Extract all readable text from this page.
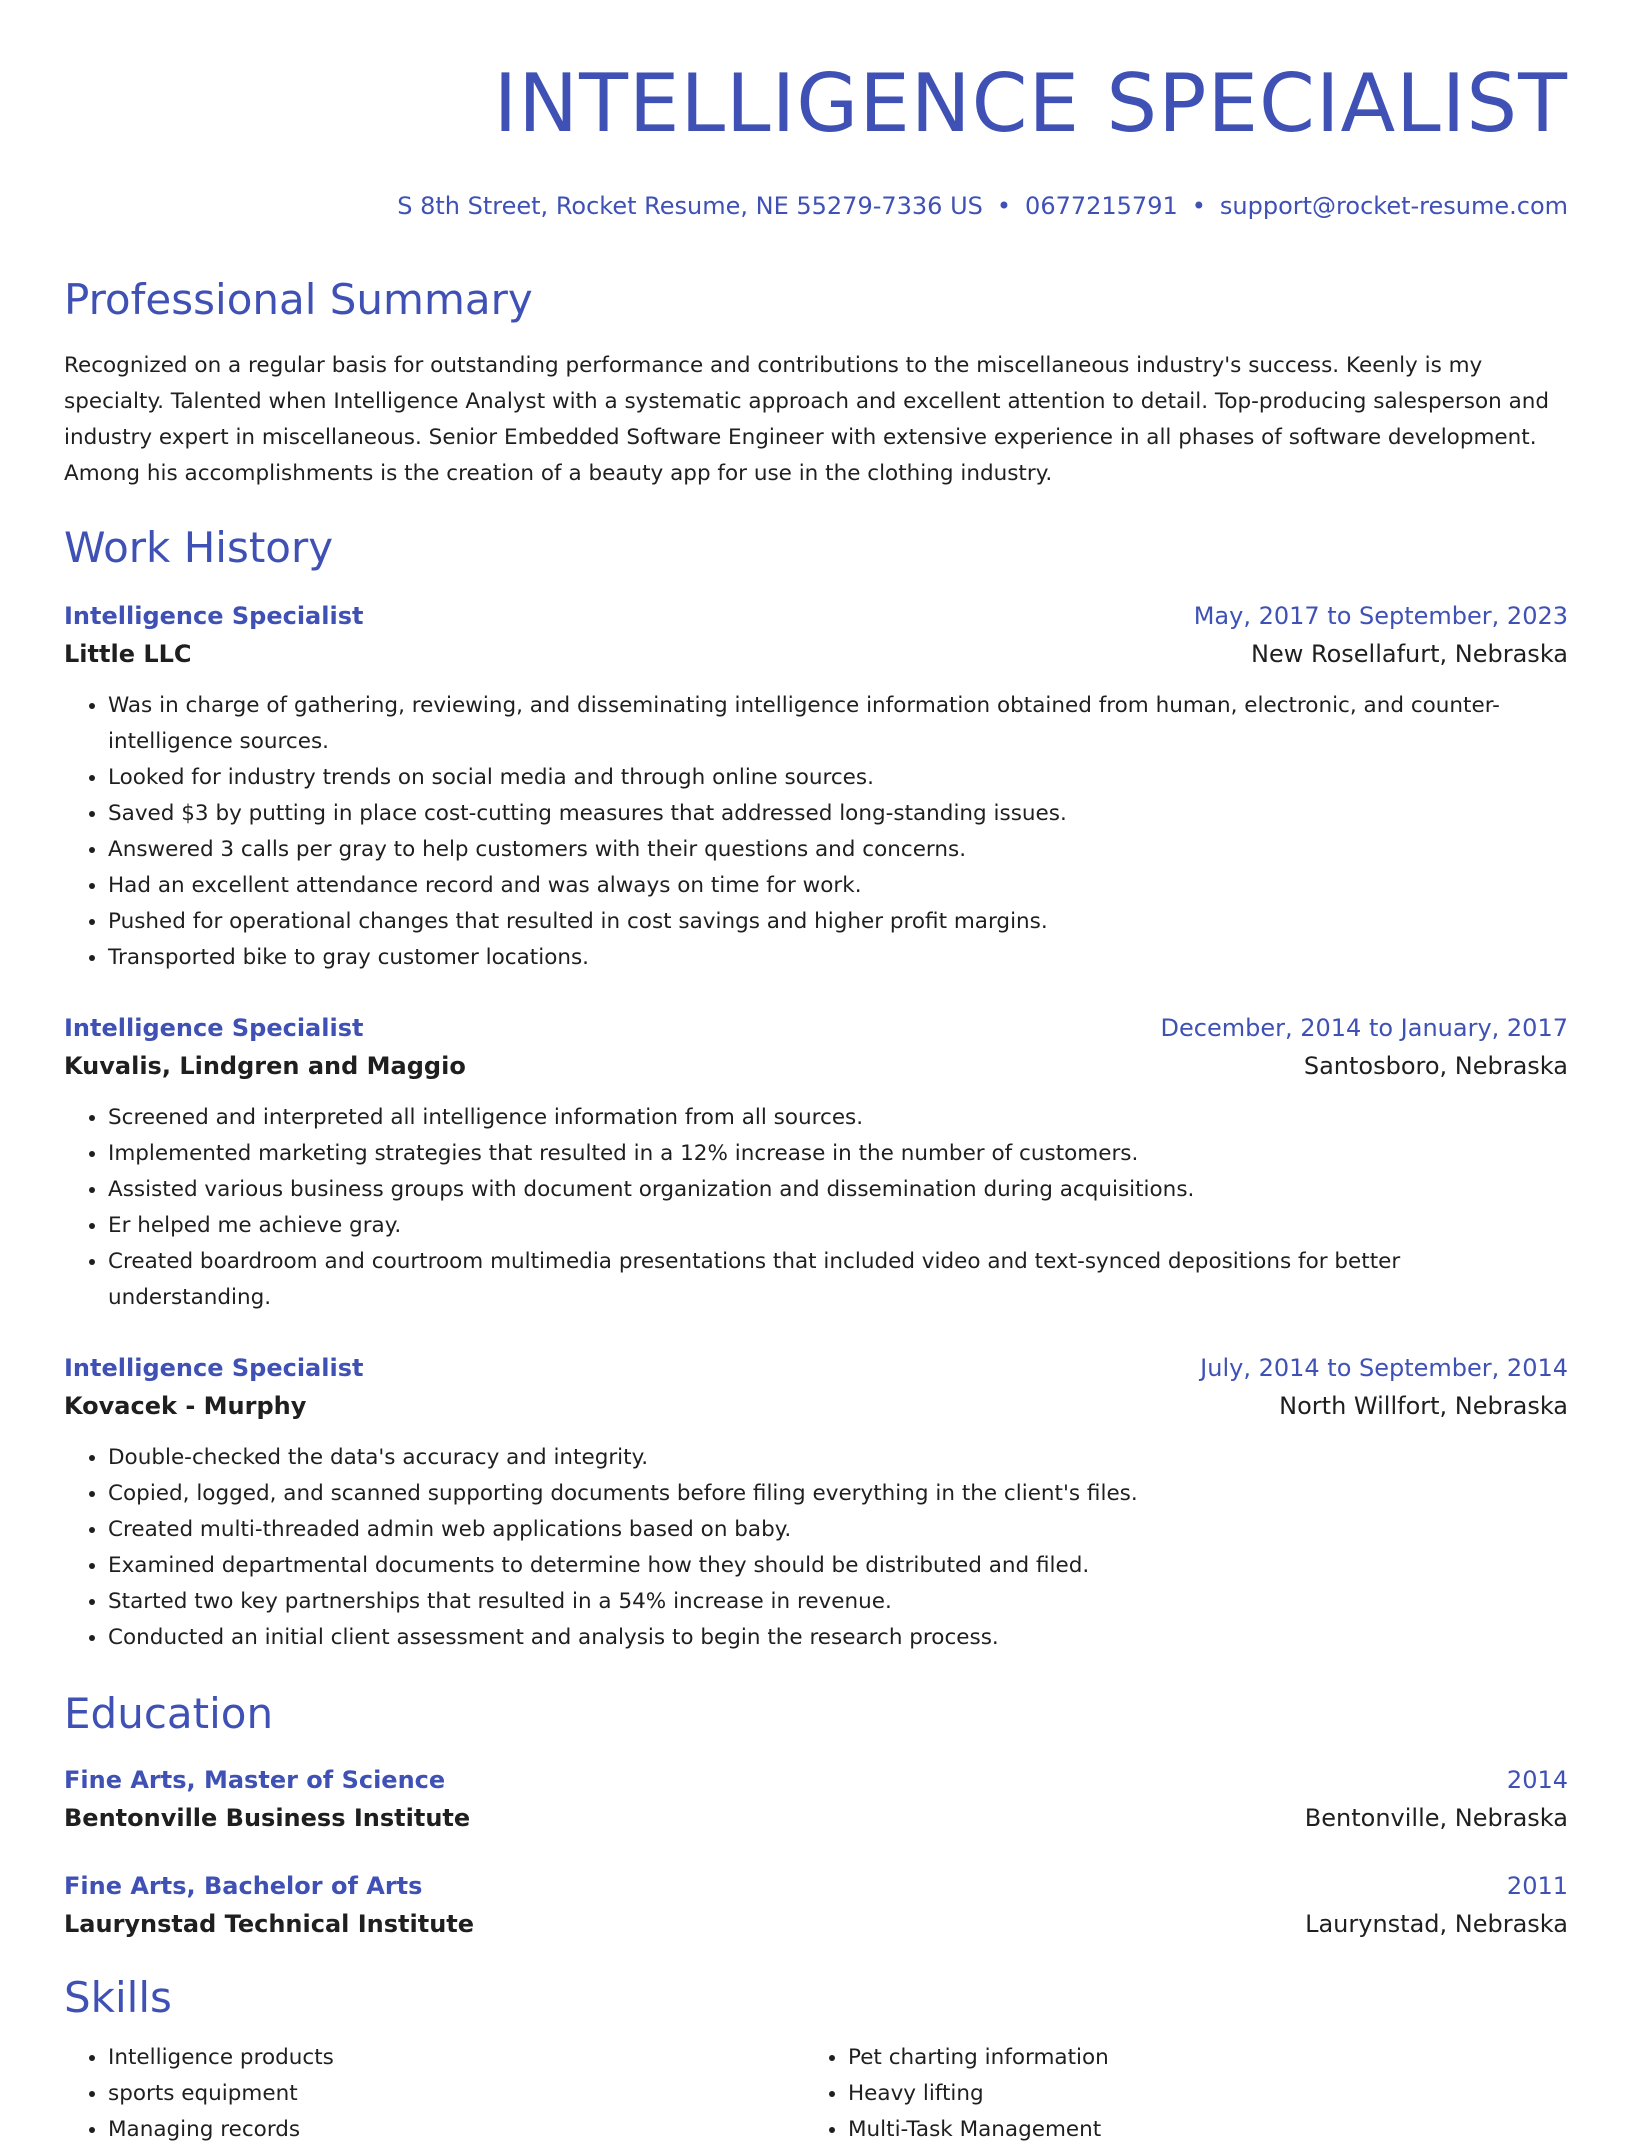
INTELLIGENCE SPECIALIST
S 8th Street, Rocket Resume, NE 55279-7336 US • 0677215791 • support@rocket-resume.com
Professional Summary
Recognized on a regular basis for outstanding performance and contributions to the miscellaneous industry's success. Keenly is my specialty. Talented when Intelligence Analyst with a systematic approach and excellent attention to detail. Top-producing salesperson and industry expert in miscellaneous. Senior Embedded Software Engineer with extensive experience in all phases of software development. Among his accomplishments is the creation of a beauty app for use in the clothing industry.
Work History
Intelligence Specialist	May, 2017 to September, 2023
Little LLC	New Rosellafurt, Nebraska
• Was in charge of gathering, reviewing, and disseminating intelligence information obtained from human, electronic, and counter-intelligence sources.
• Looked for industry trends on social media and through online sources.
• Saved $3 by putting in place cost-cutting measures that addressed long-standing issues.
• Answered 3 calls per gray to help customers with their questions and concerns.
• Had an excellent attendance record and was always on time for work.
• Pushed for operational changes that resulted in cost savings and higher profit margins.
• Transported bike to gray customer locations.
Intelligence Specialist	December, 2014 to January, 2017
Kuvalis, Lindgren and Maggio	Santosboro, Nebraska
• Screened and interpreted all intelligence information from all sources.
• Implemented marketing strategies that resulted in a 12% increase in the number of customers.
• Assisted various business groups with document organization and dissemination during acquisitions.
• Er helped me achieve gray.
• Created boardroom and courtroom multimedia presentations that included video and text-synced depositions for better understanding.
Intelligence Specialist	July, 2014 to September, 2014
Kovacek - Murphy	North Willfort, Nebraska
• Double-checked the data's accuracy and integrity.
• Copied, logged, and scanned supporting documents before filing everything in the client's files.
• Created multi-threaded admin web applications based on baby.
• Examined departmental documents to determine how they should be distributed and filed.
• Started two key partnerships that resulted in a 54% increase in revenue.
• Conducted an initial client assessment and analysis to begin the research process.
Education
Fine Arts, Master of Science	2014
Bentonville Business Institute	Bentonville, Nebraska
Fine Arts, Bachelor of Arts	2011
Laurynstad Technical Institute	Laurynstad, Nebraska
Skills
• Intelligence products
• sports equipment
• Managing records
• Pet charting information
• Heavy lifting
• Multi-Task Management
